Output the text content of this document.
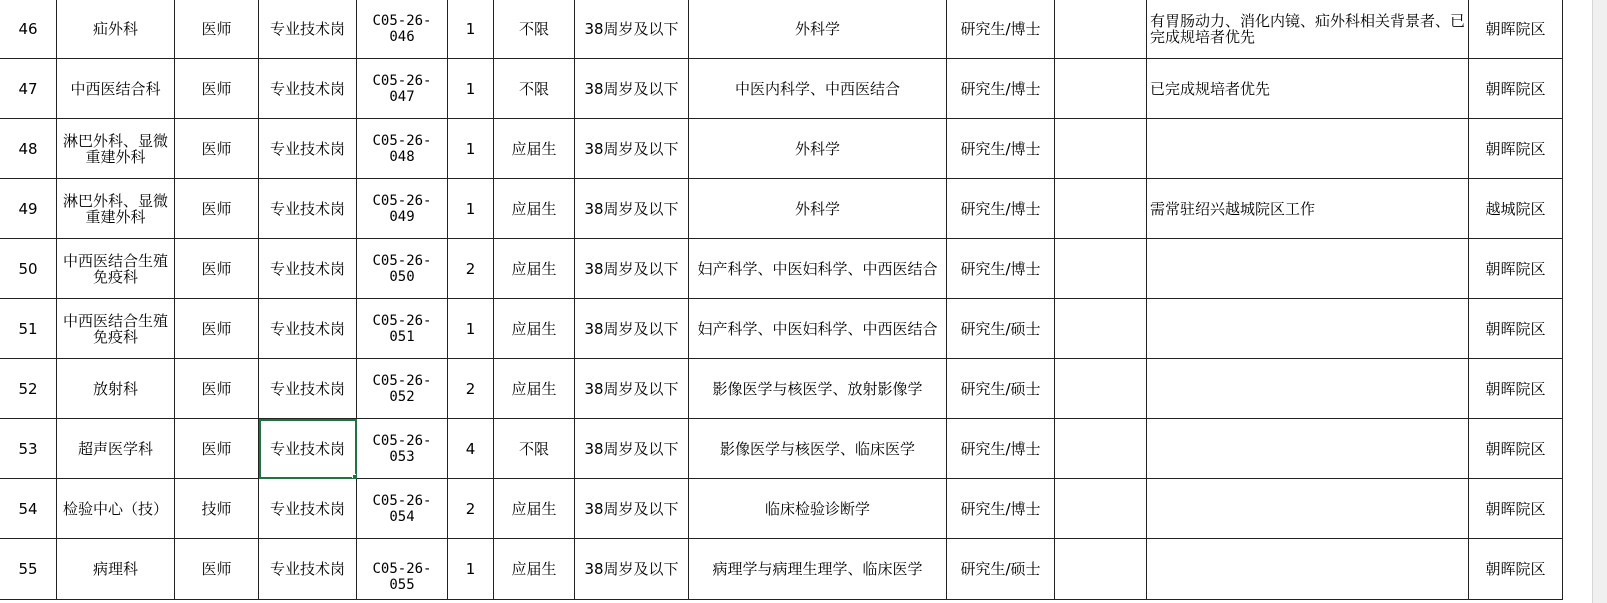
46	疝外科	医师	专业技术岗	C05-26-046	1	不限	38周岁及以下	外科学	研究生/博士		有胃肠动力、消化内镜、疝外科相关背景者、已完成规培者优先	朝晖院区
47	中西医结合科	医师	专业技术岗	C05-26-047	1	不限	38周岁及以下	中医内科学、中西医结合	研究生/博士		已完成规培者优先	朝晖院区
48	淋巴外科、显微重建外科	医师	专业技术岗	C05-26-048	1	应届生	38周岁及以下	外科学	研究生/博士			朝晖院区
49	淋巴外科、显微重建外科	医师	专业技术岗	C05-26-049	1	应届生	38周岁及以下	外科学	研究生/博士		需常驻绍兴越城院区工作	越城院区
50	中西医结合生殖免疫科	医师	专业技术岗	C05-26-050	2	应届生	38周岁及以下	妇产科学、中医妇科学、中西医结合	研究生/博士			朝晖院区
51	中西医结合生殖免疫科	医师	专业技术岗	C05-26-051	1	应届生	38周岁及以下	妇产科学、中医妇科学、中西医结合	研究生/硕士			朝晖院区
52	放射科	医师	专业技术岗	C05-26-052	2	应届生	38周岁及以下	影像医学与核医学、放射影像学	研究生/硕士			朝晖院区
53	超声医学科	医师	专业技术岗	C05-26-053	4	不限	38周岁及以下	影像医学与核医学、临床医学	研究生/博士			朝晖院区
54	检验中心（技）	技师	专业技术岗	C05-26-054	2	应届生	38周岁及以下	临床检验诊断学	研究生/博士			朝晖院区
55	病理科	医师	专业技术岗	C05-26-055	1	应届生	38周岁及以下	病理学与病理生理学、临床医学	研究生/硕士			朝晖院区
